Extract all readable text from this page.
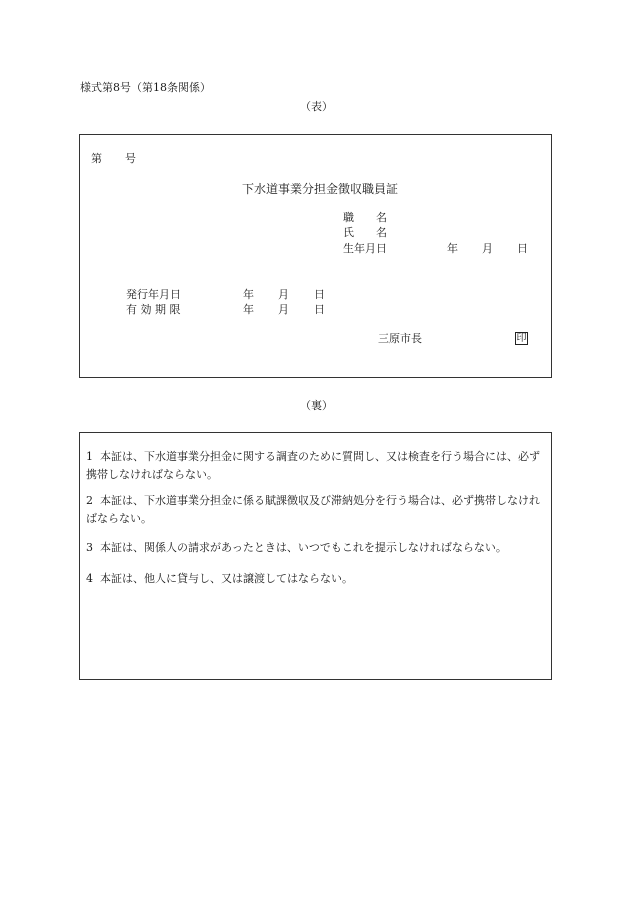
様式第8号（第18条関係）
（表）
第 号
下水道事業分担金徴収職員証
職　　名
氏　　名
生年月日	年 月 日
発行年月日	年 月 日
有 効 期 限	年 月 日
三原市長	印
（裏）
1 本証は、下水道事業分担金に関する調査のために質問し、又は検査を行う場合には、必ず携帯しなければならない。
2 本証は、下水道事業分担金に係る賦課徴収及び滞納処分を行う場合は、必ず携帯しなければならない。
3 本証は、関係人の請求があったときは、いつでもこれを提示しなければならない。
4 本証は、他人に貸与し、又は譲渡してはならない。
